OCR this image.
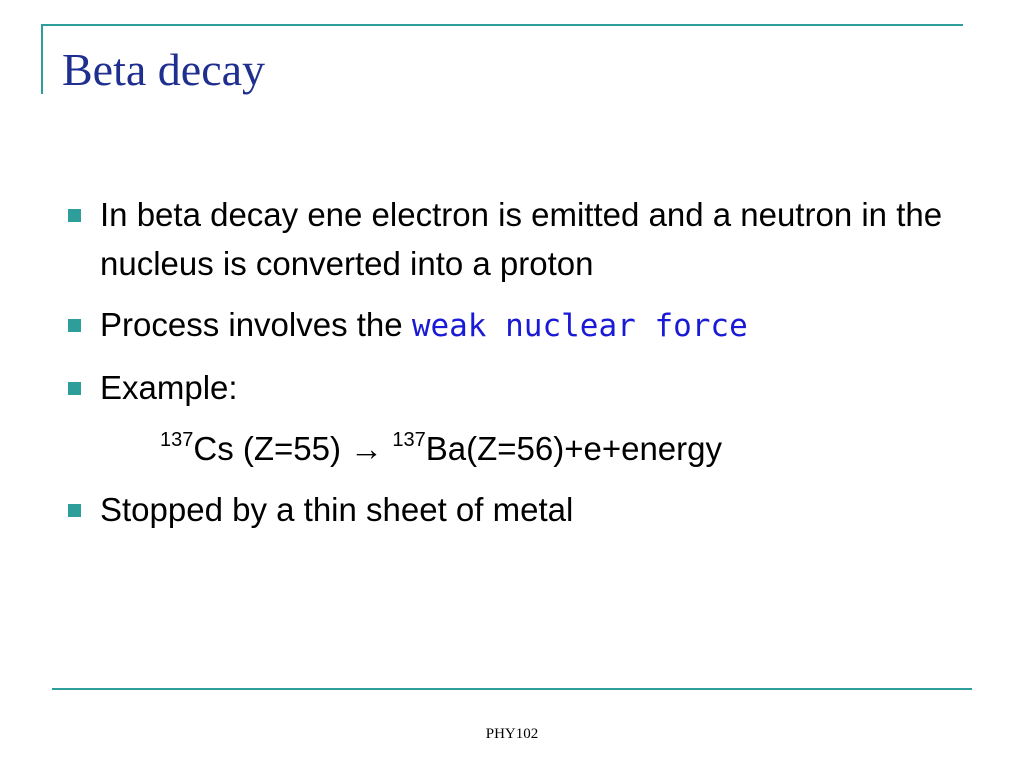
Beta decay
In beta decay ene electron is emitted and a neutron in the nucleus is converted into a proton
Process involves the weak nuclear force
Example:
$^{137}$Cs (Z=55) → $^{137}$Ba(Z=56)+e+energy
Stopped by a thin sheet of metal
PHY102
